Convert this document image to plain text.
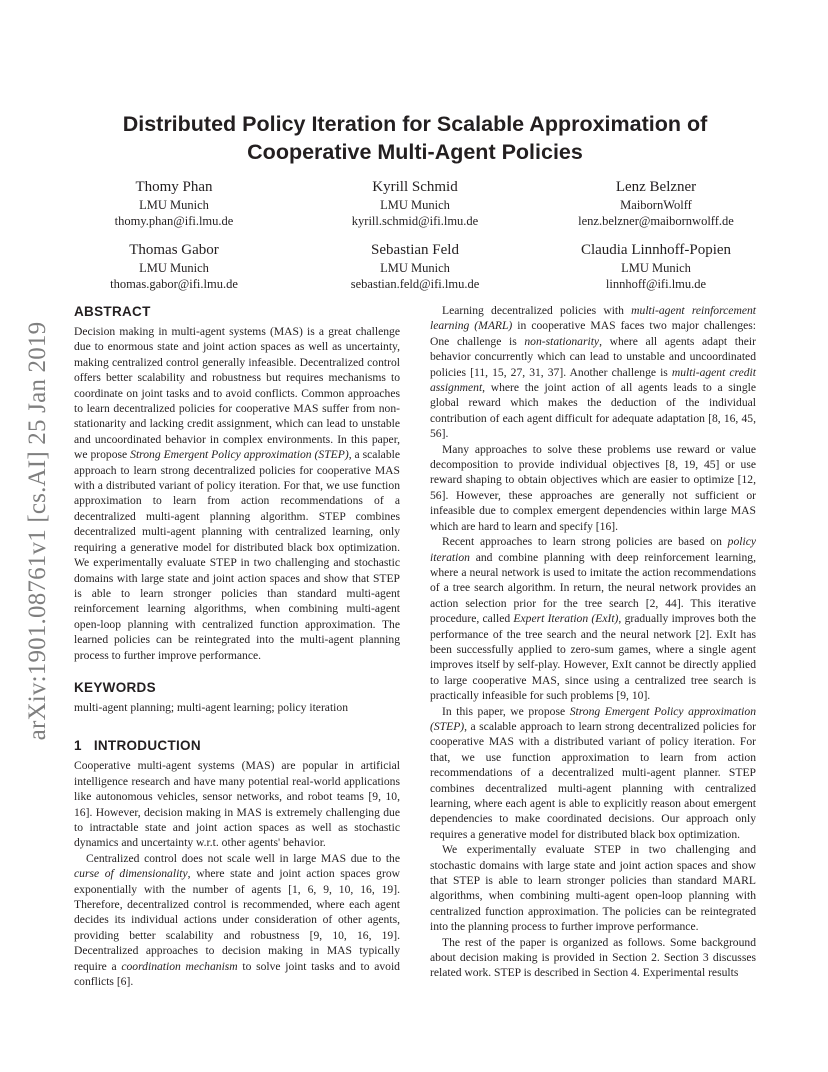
arXiv:1901.08761v1 [cs.AI] 25 Jan 2019
Distributed Policy Iteration for Scalable Approximation of
Cooperative Multi-Agent Policies
Thomy Phan
LMU Munich
thomy.phan@ifi.lmu.de
Kyrill Schmid
LMU Munich
kyrill.schmid@ifi.lmu.de
Lenz Belzner
MaibornWolff
lenz.belzner@maibornwolff.de
Thomas Gabor
LMU Munich
thomas.gabor@ifi.lmu.de
Sebastian Feld
LMU Munich
sebastian.feld@ifi.lmu.de
Claudia Linnhoff-Popien
LMU Munich
linnhoff@ifi.lmu.de
ABSTRACT

Decision making in multi-agent systems (MAS) is a great challenge due to enormous state and joint action spaces as well as uncertainty, making centralized control generally infeasible. Decentralized control offers better scalability and robustness but requires mechanisms to coordinate on joint tasks and to avoid conflicts. Common approaches to learn decentralized policies for cooperative MAS suffer from non-stationarity and lacking credit assignment, which can lead to unstable and uncoordinated behavior in complex environments. In this paper, we propose Strong Emergent Policy approximation (STEP), a scalable approach to learn strong decentralized policies for cooperative MAS with a distributed variant of policy iteration. For that, we use function approximation to learn from action recommendations of a decentralized multi-agent planning algorithm. STEP combines decentralized multi-agent planning with centralized learning, only requiring a generative model for distributed black box optimization. We experimentally evaluate STEP in two challenging and stochastic domains with large state and joint action spaces and show that STEP is able to learn stronger policies than standard multi-agent reinforcement learning algorithms, when combining multi-agent open-loop planning with centralized function approximation. The learned policies can be reintegrated into the multi-agent planning process to further improve performance.

KEYWORDS

multi-agent planning; multi-agent learning; policy iteration

1 INTRODUCTION

Cooperative multi-agent systems (MAS) are popular in artificial intelligence research and have many potential real-world applications like autonomous vehicles, sensor networks, and robot teams [9, 10, 16]. However, decision making in MAS is extremely challenging due to intractable state and joint action spaces as well as stochastic dynamics and uncertainty w.r.t. other agents' behavior.

Centralized control does not scale well in large MAS due to the curse of dimensionality, where state and joint action spaces grow exponentially with the number of agents [1, 6, 9, 10, 16, 19]. Therefore, decentralized control is recommended, where each agent decides its individual actions under consideration of other agents, providing better scalability and robustness [9, 10, 16, 19]. Decentralized approaches to decision making in MAS typically require a coordination mechanism to solve joint tasks and to avoid conflicts [6].

Learning decentralized policies with multi-agent reinforcement learning (MARL) in cooperative MAS faces two major challenges: One challenge is non-stationarity, where all agents adapt their behavior concurrently which can lead to unstable and uncoordinated policies [11, 15, 27, 31, 37]. Another challenge is multi-agent credit assignment, where the joint action of all agents leads to a single global reward which makes the deduction of the individual contribution of each agent difficult for adequate adaptation [8, 16, 45, 56].

Many approaches to solve these problems use reward or value decomposition to provide individual objectives [8, 19, 45] or use reward shaping to obtain objectives which are easier to optimize [12, 56]. However, these approaches are generally not sufficient or infeasible due to complex emergent dependencies within large MAS which are hard to learn and specify [16].

Recent approaches to learn strong policies are based on policy iteration and combine planning with deep reinforcement learning, where a neural network is used to imitate the action recommendations of a tree search algorithm. In return, the neural network provides an action selection prior for the tree search [2, 44]. This iterative procedure, called Expert Iteration (ExIt), gradually improves both the performance of the tree search and the neural network [2]. ExIt has been successfully applied to zero-sum games, where a single agent improves itself by self-play. However, ExIt cannot be directly applied to large cooperative MAS, since using a centralized tree search is practically infeasible for such problems [9, 10].

In this paper, we propose Strong Emergent Policy approximation (STEP), a scalable approach to learn strong decentralized policies for cooperative MAS with a distributed variant of policy iteration. For that, we use function approximation to learn from action recommendations of a decentralized multi-agent planner. STEP combines decentralized multi-agent planning with centralized learning, where each agent is able to explicitly reason about emergent dependencies to make coordinated decisions. Our approach only requires a generative model for distributed black box optimization.

We experimentally evaluate STEP in two challenging and stochastic domains with large state and joint action spaces and show that STEP is able to learn stronger policies than standard MARL algorithms, when combining multi-agent open-loop planning with centralized function approximation. The policies can be reintegrated into the planning process to further improve performance.

The rest of the paper is organized as follows. Some background about decision making is provided in Section 2. Section 3 discusses related work. STEP is described in Section 4. Experimental results
